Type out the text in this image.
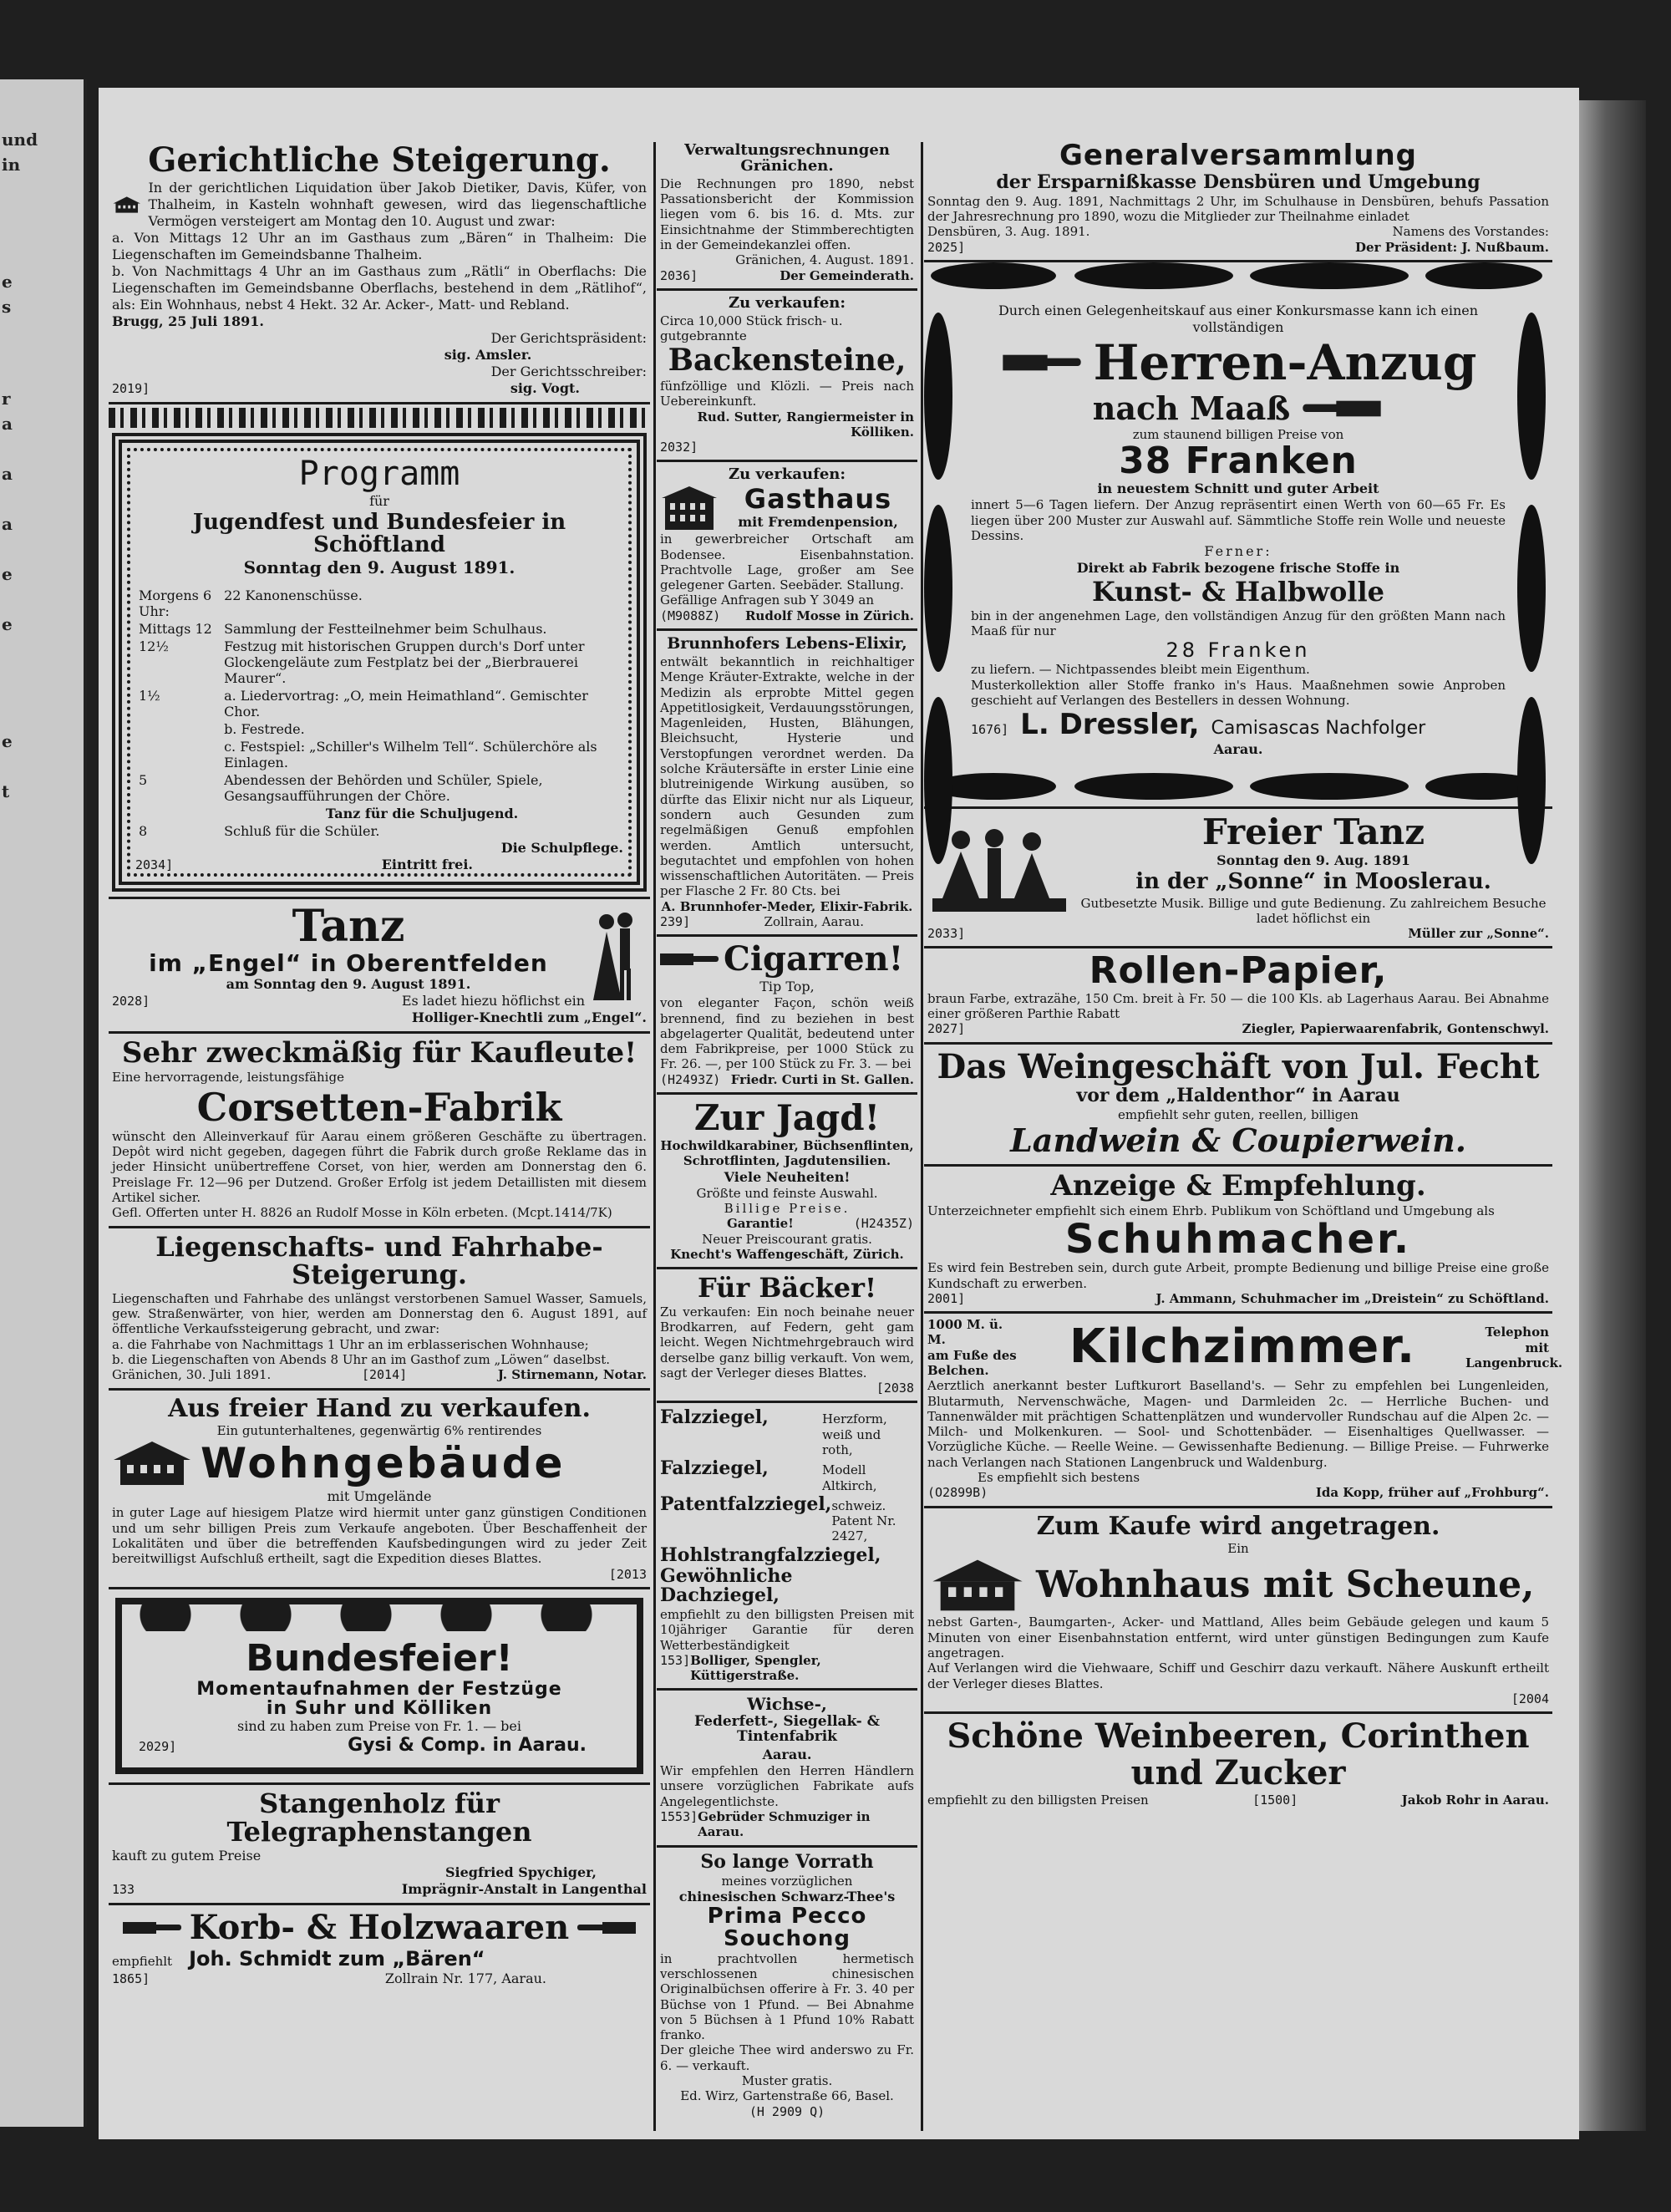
und
in
e
s
r
a
a
a
e
e
e
t
Gerichtliche Steigerung.
In der gerichtlichen Liquidation über Jakob Dietiker, Davis, Küfer, von Thalheim, in Kasteln wohnhaft gewesen, wird das liegenschaftliche Vermögen versteigert am Montag den 10. August und zwar:
a. Von Mittags 12 Uhr an im Gasthaus zum „Bären“ in Thalheim: Die Liegenschaften im Gemeindsbanne Thalheim.
b. Von Nachmittags 4 Uhr an im Gasthaus zum „Rätli“ in Oberflachs: Die Liegenschaften im Gemeindsbanne Oberflachs, bestehend in dem „Rätlihof“, als: Ein Wohnhaus, nebst 4 Hekt. 32 Ar. Acker-, Matt- und Rebland.
Brugg, 25 Juli 1891.
Der Gerichtspräsident:
sig. Amsler.
Der Gerichtsschreiber:
2019]	sig. Vogt.
Programm
für
Jugendfest und Bundesfeier in Schöftland
Sonntag den 9. August 1891.
Morgens 6 Uhr:	22 Kanonenschüsse.
Mittags 12	Sammlung der Festteilnehmer beim Schulhaus.
12½	Festzug mit historischen Gruppen durch's Dorf unter Glockengeläute zum Festplatz bei der „Bierbrauerei Maurer“.
1½	a. Liedervortrag: „O, mein Heimathland“. Gemischter Chor.
	b. Festrede.
	c. Festspiel: „Schiller's Wilhelm Tell“. Schülerchöre als Einlagen.
5	Abendessen der Behörden und Schüler, Spiele, Gesangsaufführungen der Chöre.
	Tanz für die Schuljugend.
8	Schluß für die Schüler.
Die Schulpflege.
2034]	Eintritt frei.
Tanz
im „Engel“ in Oberentfelden
am Sonntag den 9. August 1891.
2028]	Es ladet hiezu höflichst ein
Holliger-Knechtli zum „Engel“.
Sehr zweckmäßig für Kaufleute!
Eine hervorragende, leistungsfähige
Corsetten-Fabrik
wünscht den Alleinverkauf für Aarau einem größeren Geschäfte zu übertragen. Depôt wird nicht gegeben, dagegen führt die Fabrik durch große Reklame das in jeder Hinsicht unübertreffene Corset, von hier, werden am Donnerstag den 6. Preislage Fr. 12—96 per Dutzend. Großer Erfolg ist jedem Detaillisten mit diesem Artikel sicher.
Gefl. Offerten unter H. 8826 an Rudolf Mosse in Köln erbeten. (Mcpt.1414/7K)
Liegenschafts- und Fahrhabe-Steigerung.
Liegenschaften und Fahrhabe des unlängst verstorbenen Samuel Wasser, Samuels, gew. Straßenwärter, von hier, werden am Donnerstag den 6. August 1891, auf öffentliche Verkaufssteigerung gebracht, und zwar:
a. die Fahrhabe von Nachmittags 1 Uhr an im erblasserischen Wohnhause;
b. die Liegenschaften von Abends 8 Uhr an im Gasthof zum „Löwen“ daselbst.
Gränichen, 30. Juli 1891.	[2014]	J. Stirnemann, Notar.
Aus freier Hand zu verkaufen.
Ein gutunterhaltenes, gegenwärtig 6% rentirendes
Wohngebäude
mit Umgelände
in guter Lage auf hiesigem Platze wird hiermit unter ganz günstigen Conditionen und um sehr billigen Preis zum Verkaufe angeboten. Über Beschaffenheit der Lokalitäten und über die betreffenden Kaufsbedingungen wird zu jeder Zeit bereitwilligst Aufschluß ertheilt, sagt die Expedition dieses Blattes.
[2013
Bundesfeier!
Momentaufnahmen der Festzüge
in Suhr und Kölliken
sind zu haben zum Preise von Fr. 1. — bei
2029]	Gysi & Comp. in Aarau.
Stangenholz für Telegraphenstangen
kauft zu gutem Preise
Siegfried Spychiger,
133	Imprägnir-Anstalt in Langenthal
Korb- & Holzwaaren
empfiehlt Joh. Schmidt zum „Bären“
1865]	Zollrain Nr. 177, Aarau.
Verwaltungsrechnungen Gränichen.
Die Rechnungen pro 1890, nebst Passationsbericht der Kommission liegen vom 6. bis 16. d. Mts. zur Einsichtnahme der Stimmberechtigten in der Gemeindekanzlei offen.
Gränichen, 4. August. 1891.
2036]	Der Gemeinderath.
Zu verkaufen:
Circa 10,000 Stück frisch- u. gutgebrannte
Backensteine,
fünfzöllige und Klözli. — Preis nach Uebereinkunft.
Rud. Sutter, Rangiermeister in Kölliken.
2032]
Zu verkaufen:
Gasthaus
mit Fremdenpension,
in gewerbreicher Ortschaft am Bodensee. Eisenbahnstation. Prachtvolle Lage, großer am See gelegener Garten. Seebäder. Stallung.
Gefällige Anfragen sub Y 3049 an
(M9088Z) Rudolf Mosse in Zürich.
Brunnhofers Lebens-Elixir,
entwält bekanntlich in reichhaltiger Menge Kräuter-Extrakte, welche in der Medizin als erprobte Mittel gegen Appetitlosigkeit, Verdauungsstörungen, Magenleiden, Husten, Blähungen, Bleichsucht, Hysterie und Verstopfungen verordnet werden. Da solche Kräutersäfte in erster Linie eine blutreinigende Wirkung ausüben, so dürfte das Elixir nicht nur als Liqueur, sondern auch Gesunden zum regelmäßigen Genuß empfohlen werden. Amtlich untersucht, begutachtet und empfohlen von hohen wissenschaftlichen Autoritäten. — Preis per Flasche 2 Fr. 80 Cts. bei
A. Brunnhofer-Meder, Elixir-Fabrik.
239]	Zollrain, Aarau.
Cigarren!
Tip Top,
von eleganter Façon, schön weiß brennend, find zu beziehen in best abgelagerter Qualität, bedeutend unter dem Fabrikpreise, per 1000 Stück zu Fr. 26. —, per 100 Stück zu Fr. 3. — bei
(H2493Z) Friedr. Curti in St. Gallen.
Zur Jagd!
Hochwildkarabiner, Büchsenflinten, Schrotflinten, Jagdutensilien.
Viele Neuheiten!
Größte und feinste Auswahl.
Billige Preise.
Garantie!	(H2435Z)
Neuer Preiscourant gratis.
Knecht's Waffengeschäft, Zürich.
Für Bäcker!
Zu verkaufen: Ein noch beinahe neuer Brodkarren, auf Federn, geht gam leicht. Wegen Nichtmehrgebrauch wird derselbe ganz billig verkauft. Von wem, sagt der Verleger dieses Blattes.
[2038
Falzziegel,	Herzform, weiß und roth,
Falzziegel,	Modell Altkirch,
Patentfalzziegel, schweiz. Patent Nr. 2427,
Hohlstrangfalzziegel,
Gewöhnliche Dachziegel,
empfiehlt zu den billigsten Preisen mit 10jähriger Garantie für deren Wetterbeständigkeit
153] Bolliger, Spengler, Küttigerstraße.
Wichse-,
Federfett-, Siegellak- & Tintenfabrik
Aarau.
Wir empfehlen den Herren Händlern unsere vorzüglichen Fabrikate aufs Angelegentlichste.
1553] Gebrüder Schmuziger in Aarau.
So lange Vorrath
meines vorzüglichen
chinesischen Schwarz-Thee's
Prima Pecco Souchong
in prachtvollen hermetisch verschlossenen chinesischen Originalbüchsen offerire à Fr. 3. 40 per Büchse von 1 Pfund. — Bei Abnahme von 5 Büchsen à 1 Pfund 10% Rabatt franko.
Der gleiche Thee wird anderswo zu Fr. 6. — verkauft.
Muster gratis.
Ed. Wirz, Gartenstraße 66, Basel.
(H 2909 Q)
Generalversammlung
der Ersparnißkasse Densbüren und Umgebung
Sonntag den 9. Aug. 1891, Nachmittags 2 Uhr, im Schulhause in Densbüren, behufs Passation der Jahresrechnung pro 1890, wozu die Mitglieder zur Theilnahme einladet
Densbüren, 3. Aug. 1891.	Namens des Vorstandes:
2025]	Der Präsident: J. Nußbaum.
Durch einen Gelegenheitskauf aus einer Konkursmasse kann ich einen vollständigen
Herren-Anzug
nach Maaß
zum staunend billigen Preise von
38 Franken
in neuestem Schnitt und guter Arbeit
innert 5—6 Tagen liefern. Der Anzug repräsentirt einen Werth von 60—65 Fr. Es liegen über 200 Muster zur Auswahl auf. Sämmtliche Stoffe rein Wolle und neueste Dessins.
Ferner:
Direkt ab Fabrik bezogene frische Stoffe in
Kunst- & Halbwolle
bin in der angenehmen Lage, den vollständigen Anzug für den größten Mann nach Maaß für nur
28 Franken
zu liefern. — Nichtpassendes bleibt mein Eigenthum.
Musterkollektion aller Stoffe franko in's Haus. Maaßnehmen sowie Anproben geschieht auf Verlangen des Bestellers in dessen Wohnung.
1676] L. Dressler, Camisascas Nachfolger
Aarau.
Freier Tanz
Sonntag den 9. Aug. 1891
in der „Sonne“ in Mooslerau.
Gutbesetzte Musik. Billige und gute Bedienung. Zu zahlreichem Besuche ladet höflichst ein
2033]	Müller zur „Sonne“.
Rollen-Papier,
braun Farbe, extrazähe, 150 Cm. breit à Fr. 50 — die 100 Kls. ab Lagerhaus Aarau. Bei Abnahme einer größeren Parthie Rabatt
2027]	Ziegler, Papierwaarenfabrik, Gontenschwyl.
Das Weingeschäft von Jul. Fecht
vor dem „Haldenthor“ in Aarau
empfiehlt sehr guten, reellen, billigen
Landwein & Coupierwein.
Anzeige & Empfehlung.
Unterzeichneter empfiehlt sich einem Ehrb. Publikum von Schöftland und Umgebung als
Schuhmacher.
Es wird fein Bestreben sein, durch gute Arbeit, prompte Bedienung und billige Preise eine große Kundschaft zu erwerben.
2001]	J. Ammann, Schuhmacher im „Dreistein“ zu Schöftland.
1000 M. ü. M.
am Fuße des Belchen.	Kilchzimmer.	Telephon mit
Langenbruck.
Aerztlich anerkannt bester Luftkurort Baselland's. — Sehr zu empfehlen bei Lungenleiden, Blutarmuth, Nervenschwäche, Magen- und Darmleiden 2c. — Herrliche Buchen- und Tannenwälder mit prächtigen Schattenplätzen und wundervoller Rundschau auf die Alpen 2c. — Milch- und Molkenkuren. — Sool- und Schottenbäder. — Eisenhaltiges Quellwasser. — Vorzügliche Küche. — Reelle Weine. — Gewissenhafte Bedienung. — Billige Preise. — Fuhrwerke nach Verlangen nach Stationen Langenbruck und Waldenburg.
Es empfiehlt sich bestens
(O2899B)	Ida Kopp, früher auf „Frohburg“.
Zum Kaufe wird angetragen.
Ein
Wohnhaus mit Scheune,
nebst Garten-, Baumgarten-, Acker- und Mattland, Alles beim Gebäude gelegen und kaum 5 Minuten von einer Eisenbahnstation entfernt, wird unter günstigen Bedingungen zum Kaufe angetragen.
Auf Verlangen wird die Viehwaare, Schiff und Geschirr dazu verkauft. Nähere Auskunft ertheilt der Verleger dieses Blattes.
[2004
Schöne Weinbeeren, Corinthen
und Zucker
empfiehlt zu den billigsten Preisen	[1500]	Jakob Rohr in Aarau.
